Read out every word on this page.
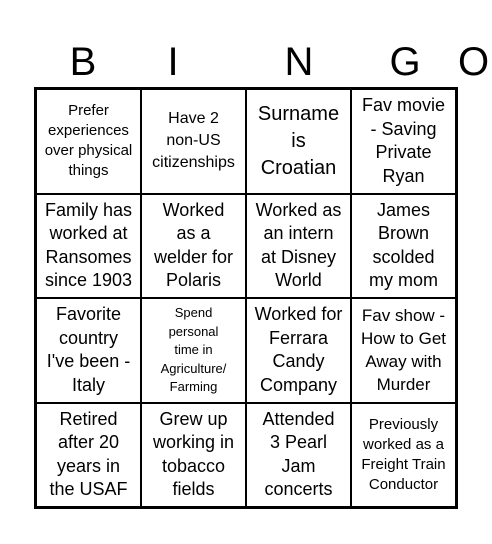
B	I	N	G O
Prefer
experiences
over physical
things
Have 2
non-US
citizenships
Surname
is
Croatian
Fav movie
- Saving
Private
Ryan
Family has
worked at
Ransomes
since 1903
Worked
as a
welder for
Polaris
Worked as
an intern
at Disney
World
James
Brown
scolded
my mom
Favorite
country
I've been -
Italy
Spend
personal
time in
Agriculture/
Farming
Worked for
Ferrara
Candy
Company
Fav show -
How to Get
Away with
Murder
Retired
after 20
years in
the USAF
Grew up
working in
tobacco
fields
Attended
3 Pearl
Jam
concerts
Previously
worked as a
Freight Train
Conductor
